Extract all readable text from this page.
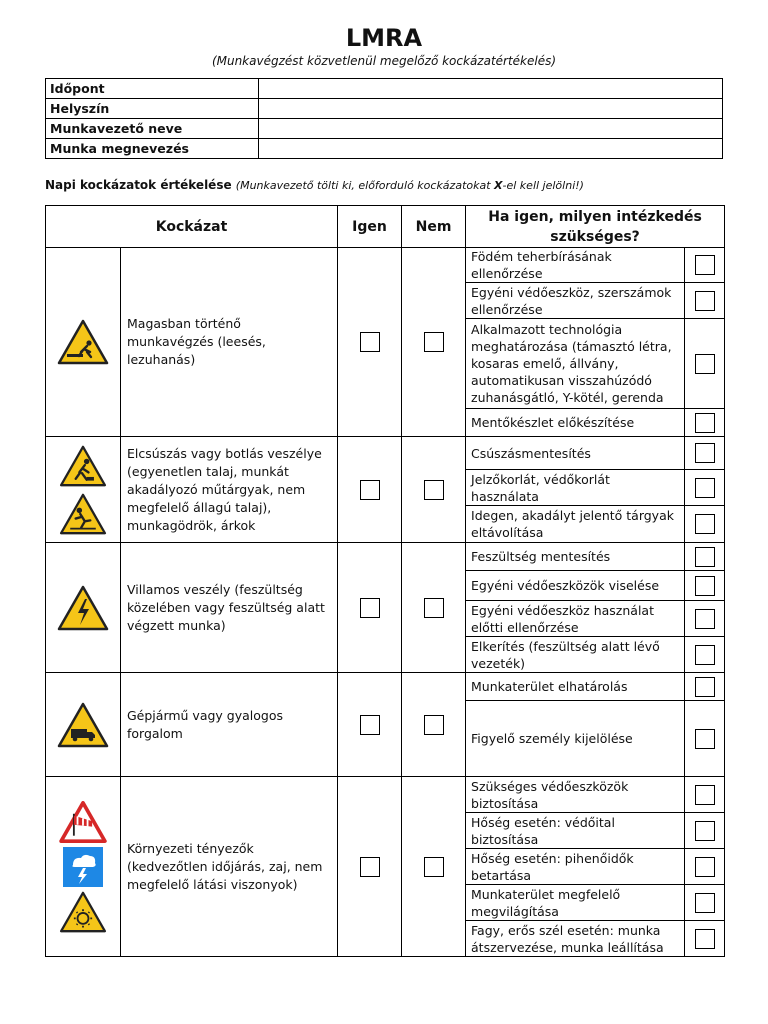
LMRA
(Munkavégzést közvetlenül megelőző kockázatértékelés)
Időpont	
Helyszín	
Munkavezető neve	
Munka megnevezés	
Napi kockázatok értékelése (Munkavezető tölti ki, előforduló kockázatokat X-el kell jelölni!)
Kockázat		Igen	Nem	Ha igen, milyen intézkedés szükséges?	

	Magasban történő munkavégzés (leesés, lezuhanás)			Födém teherbírásának ellenőrzése	
				Egyéni védőeszköz, szerszámok ellenőrzése	
				Alkalmazott technológia meghatározása (támasztó létra, kosaras emelő, állvány, automatikusan visszahúzódó zuhanásgátló, Y-kötél, gerenda	
				Mentőkészlet előkészítése	

	Elcsúszás vagy botlás veszélye (egyenetlen talaj, munkát akadályozó műtárgyak, nem megfelelő állagú talaj), munkagödrök, árkok			Csúszásmentesítés	
				Jelzőkorlát, védőkorlát használata	
				Idegen, akadályt jelentő tárgyak eltávolítása	

	Villamos veszély (feszültség közelében vagy feszültség alatt végzett munka)			Feszültség mentesítés	
				Egyéni védőeszközök viselése	
				Egyéni védőeszköz használat előtti ellenőrzése	
				Elkerítés (feszültség alatt lévő vezeték)	

	Gépjármű vagy gyalogos forgalom			Munkaterület elhatárolás	
				Figyelő személy kijelölése	

	Környezeti tényezők (kedvezőtlen időjárás, zaj, nem megfelelő látási viszonyok)			Szükséges védőeszközök biztosítása	
				Hőség esetén: védőital biztosítása	
				Hőség esetén: pihenőidők betartása	
				Munkaterület megfelelő megvilágítása	
				Fagy, erős szél esetén: munka átszervezése, munka leállítása	
